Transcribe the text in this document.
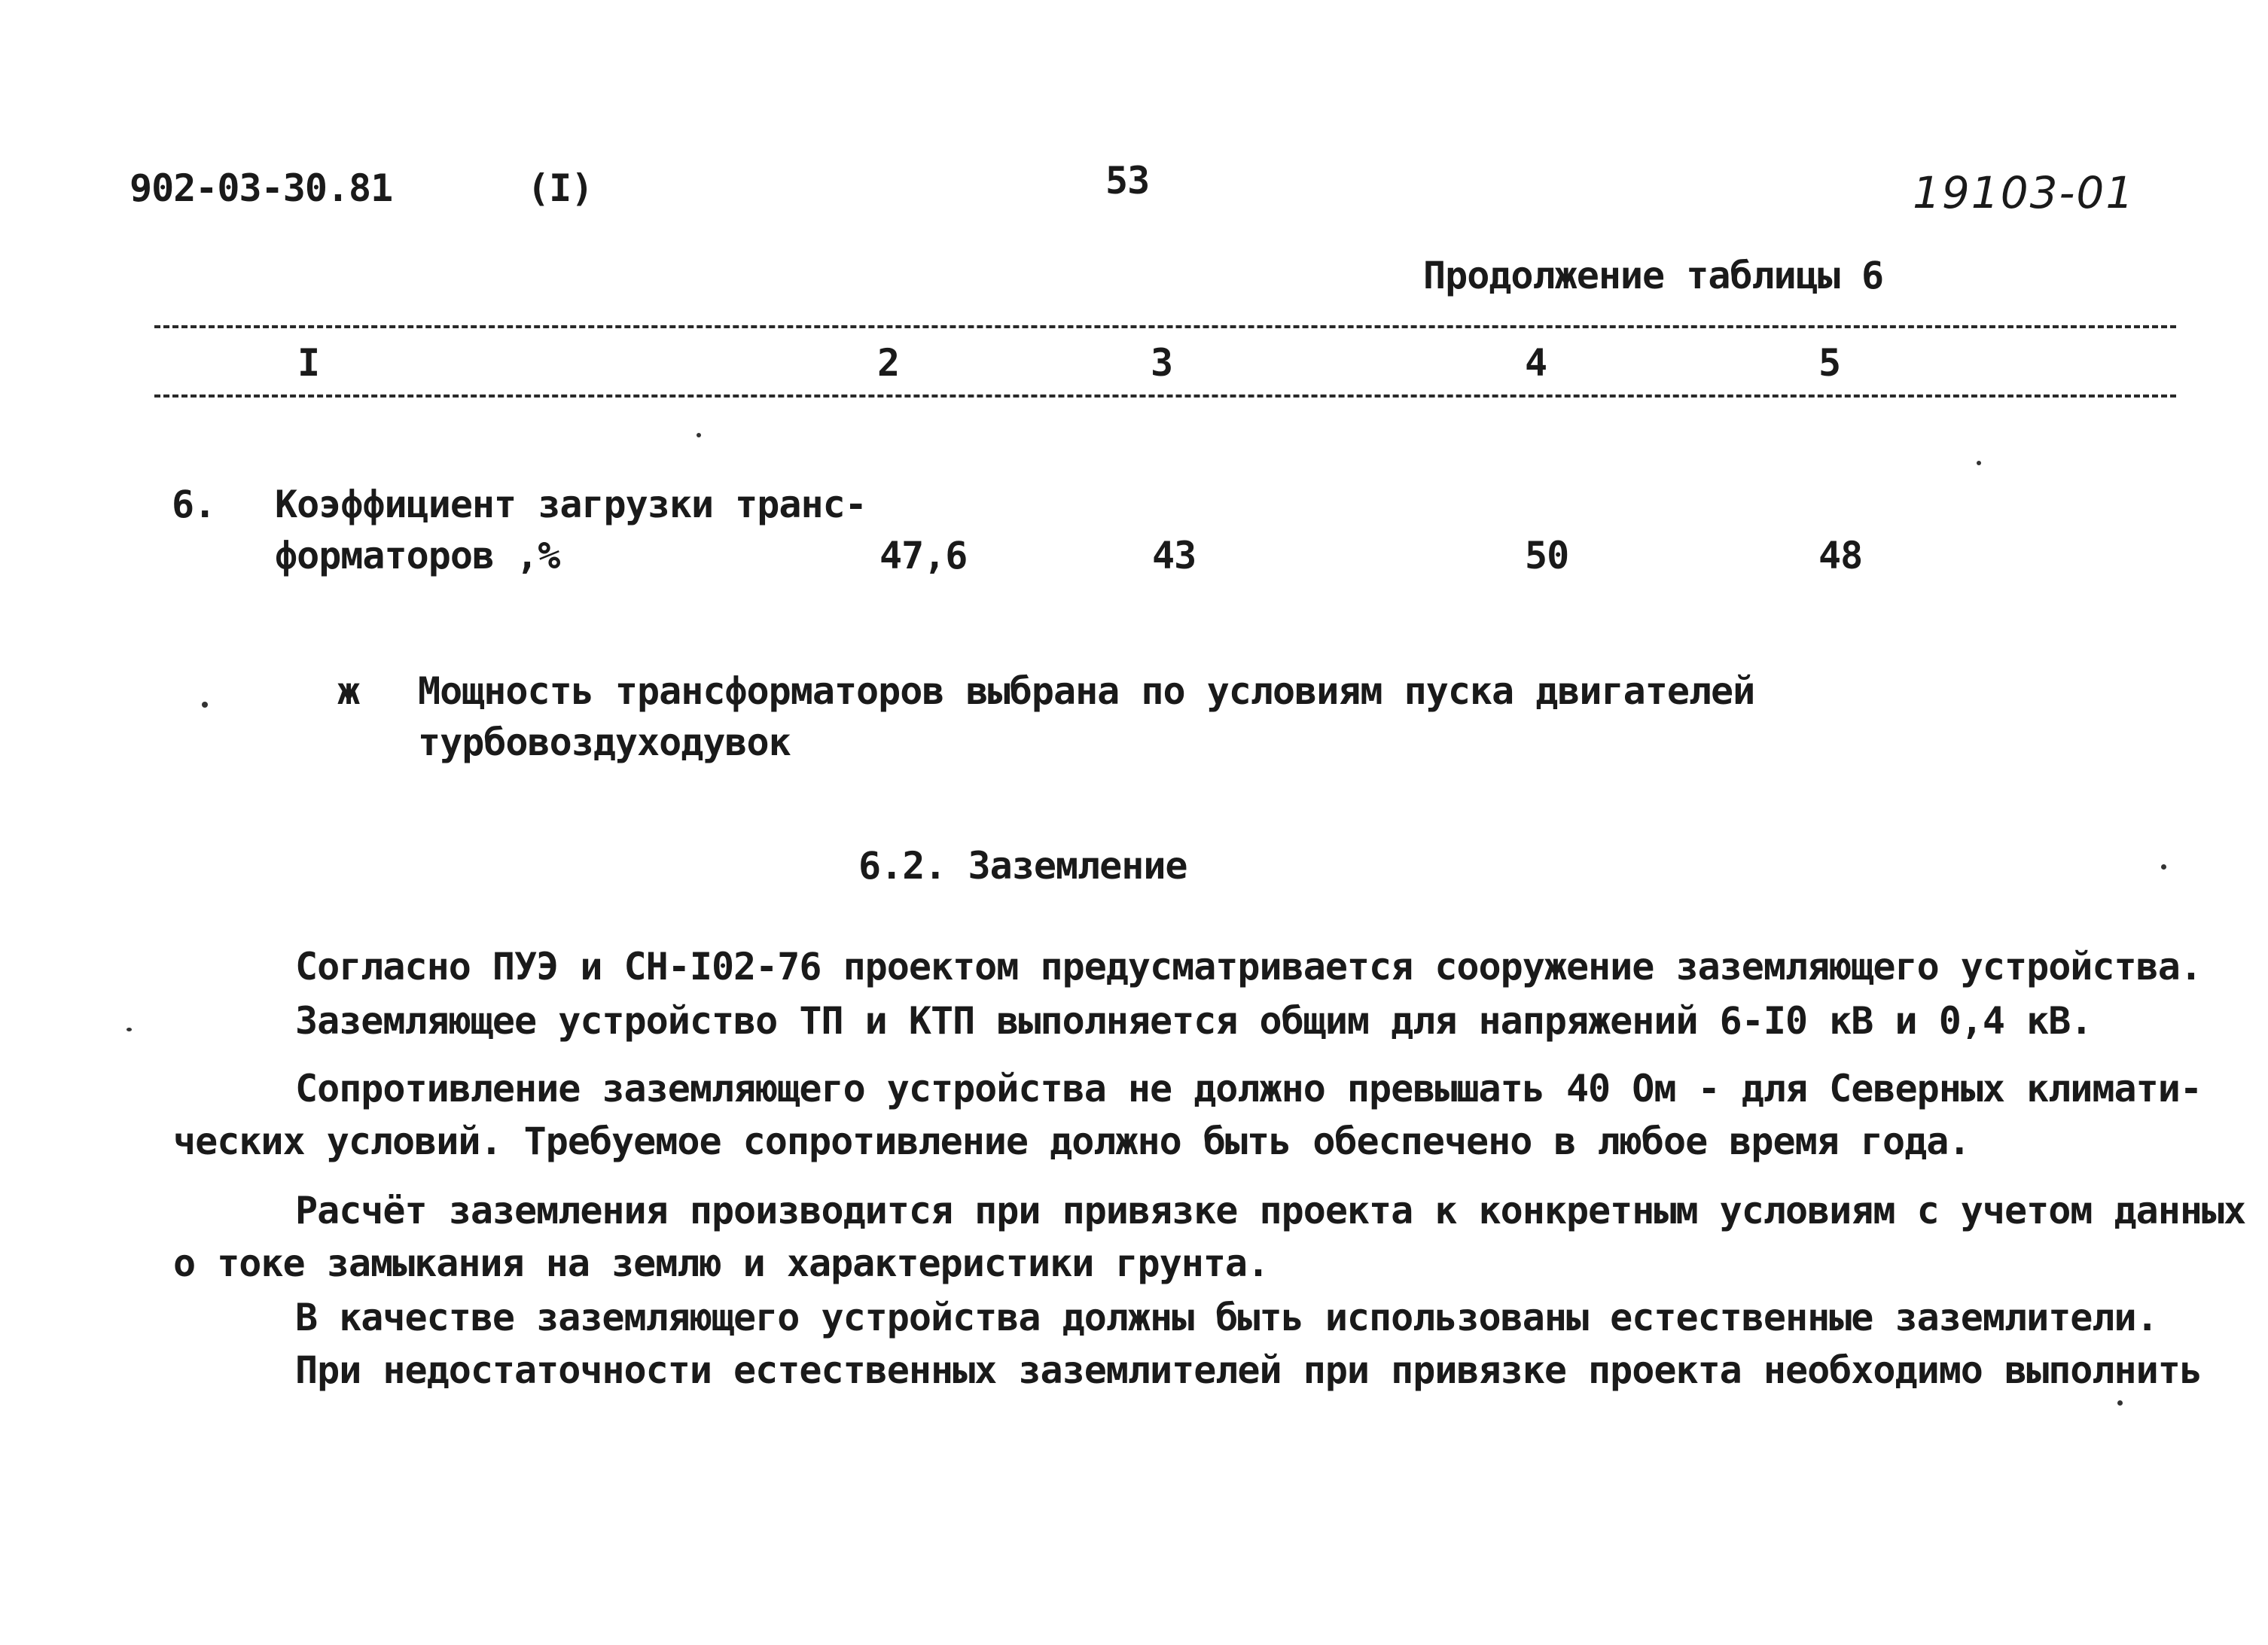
902-03-30.81	(I)	53	19103-01
Продолжение таблицы 6
I	2	3	4	5
6. Коэффициент загрузки транс-
форматоров ,%	47,6	43	50	48
ж Мощность трансформаторов выбрана по условиям пуска двигателей
турбовоздуходувок
6.2. Заземление
Согласно ПУЭ и СН-I02-76 проектом предусматривается сооружение заземляющего устройства.
Заземляющее устройство ТП и КТП выполняется общим для напряжений 6-I0 кВ и 0,4 кВ.
Сопротивление заземляющего устройства не должно превышать 40 Ом - для Северных климати-
ческих условий. Требуемое сопротивление должно быть обеспечено в любое время года.
Расчёт заземления производится при привязке проекта к конкретным условиям с учетом данных
о токе замыкания на землю и характеристики грунта.
В качестве заземляющего устройства должны быть использованы естественные заземлители.
При недостаточности естественных заземлителей при привязке проекта необходимо выполнить
